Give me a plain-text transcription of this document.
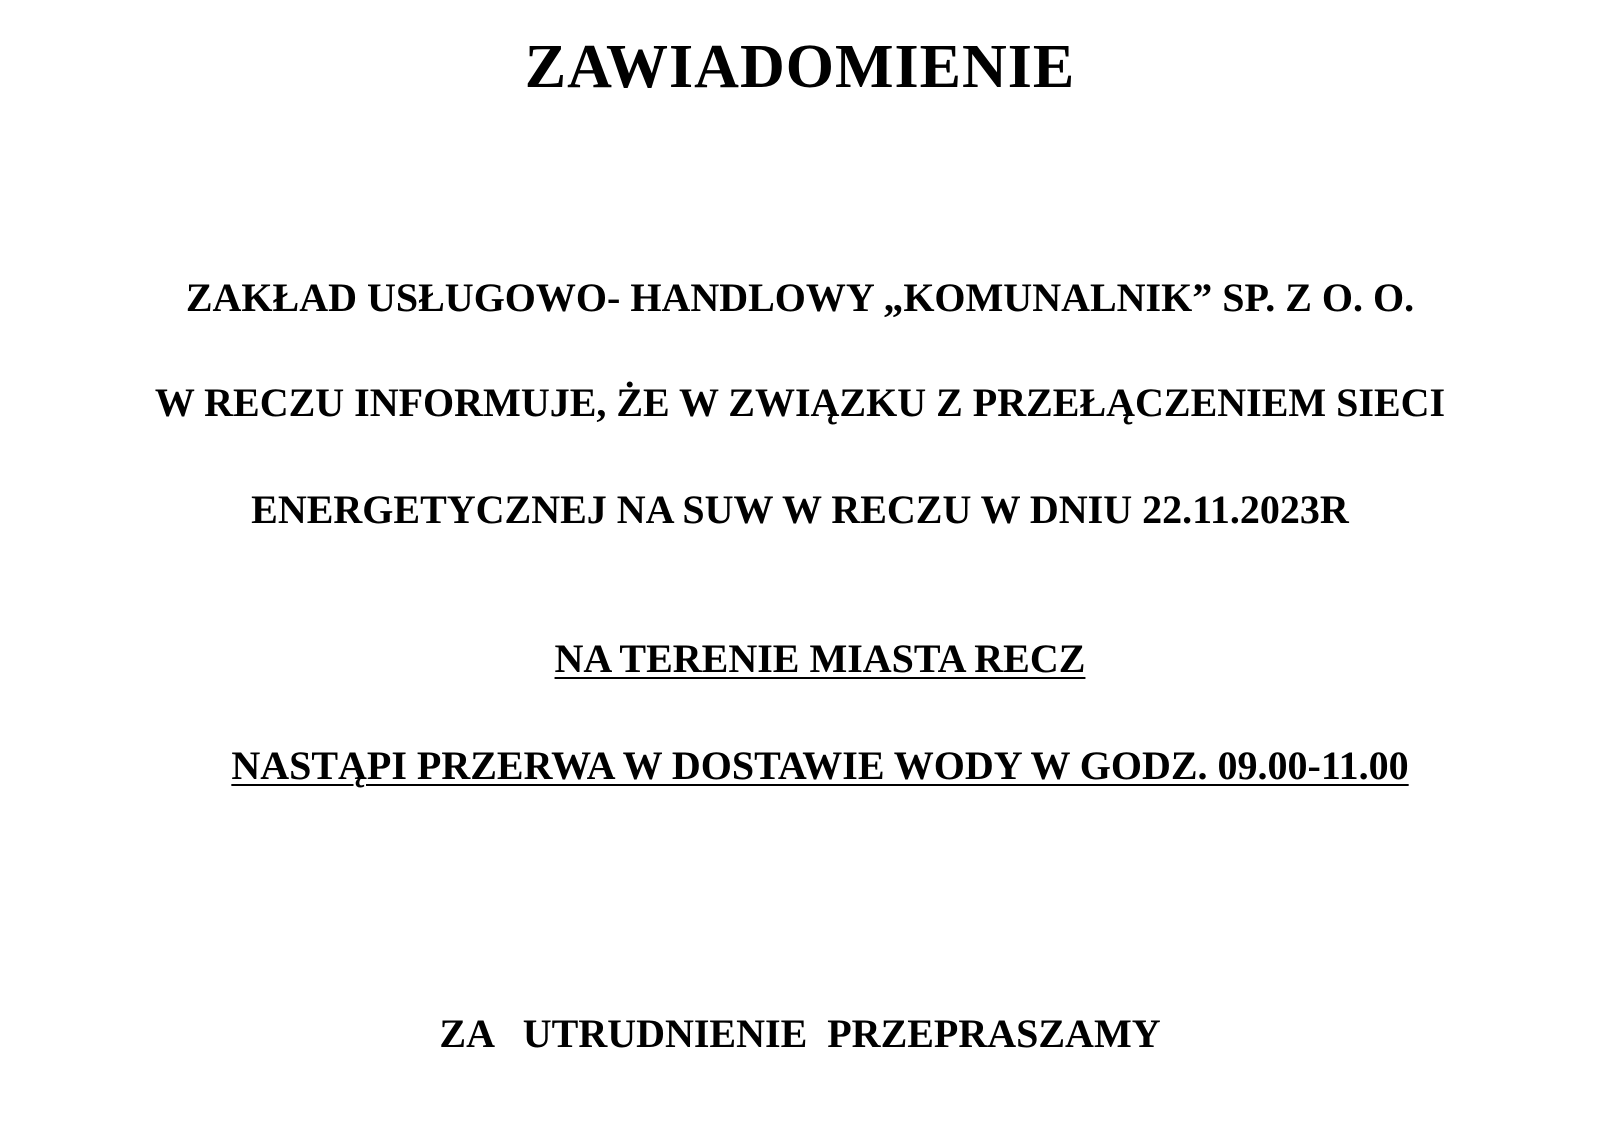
ZAWIADOMIENIE
ZAKŁAD USŁUGOWO- HANDLOWY „KOMUNALNIK” SP. Z O. O.
W RECZU INFORMUJE, ŻE W ZWIĄZKU Z PRZEŁĄCZENIEM SIECI
ENERGETYCZNEJ NA SUW W RECZU W DNIU 22.11.2023R

NA TERENIE MIASTA RECZ

NASTĄPI PRZERWA W DOSTAWIE WODY W GODZ. 09.00-11.00

ZA   UTRUDNIENIE  PRZEPRASZAMY
